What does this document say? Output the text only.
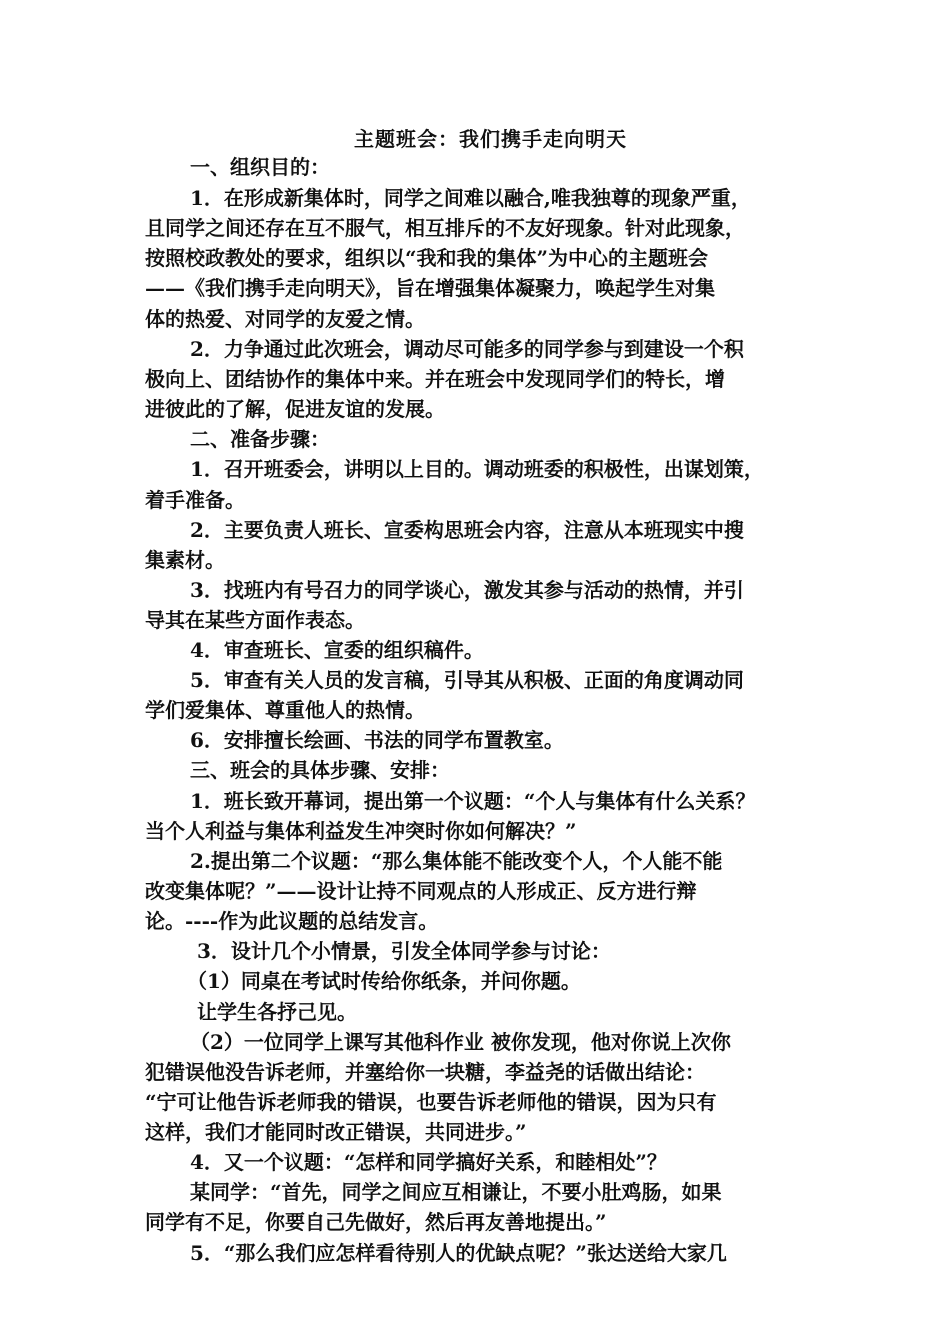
主题班会：我们携手走向明天
一、组织目的：
1．在形成新集体时，同学之间难以融合,唯我独尊的现象严重，
且同学之间还存在互不服气，相互排斥的不友好现象。针对此现象，
按照校政教处的要求，组织以“我和我的集体”为中心的主题班会
——《我们携手走向明天》，旨在增强集体凝聚力，唤起学生对集
体的热爱、对同学的友爱之情。
2．力争通过此次班会，调动尽可能多的同学参与到建设一个积
极向上、团结协作的集体中来。并在班会中发现同学们的特长，增
进彼此的了解，促进友谊的发展。
二、准备步骤：
1．召开班委会，讲明以上目的。调动班委的积极性，出谋划策，
着手准备。
2．主要负责人班长、宣委构思班会内容，注意从本班现实中搜
集素材。
3．找班内有号召力的同学谈心，激发其参与活动的热情，并引
导其在某些方面作表态。
4．审查班长、宣委的组织稿件。
5．审查有关人员的发言稿，引导其从积极、正面的角度调动同
学们爱集体、尊重他人的热情。
6．安排擅长绘画、书法的同学布置教室。
三、班会的具体步骤、安排：
1．班长致开幕词，提出第一个议题：“个人与集体有什么关系？
当个人利益与集体利益发生冲突时你如何解决？”
2.提出第二个议题：“那么集体能不能改变个人，个人能不能
改变集体呢？”——设计让持不同观点的人形成正、反方进行辩
论。----作为此议题的总结发言。
3．设计几个小情景，引发全体同学参与讨论：
（1）同桌在考试时传给你纸条，并问你题。
让学生各抒己见。
（2）一位同学上课写其他科作业 被你发现，他对你说上次你
犯错误他没告诉老师，并塞给你一块糖，李益尧的话做出结论：
“宁可让他告诉老师我的错误，也要告诉老师他的错误，因为只有
这样，我们才能同时改正错误，共同进步。”
4．又一个议题：“怎样和同学搞好关系，和睦相处”？
某同学：“首先，同学之间应互相谦让，不要小肚鸡肠，如果
同学有不足，你要自己先做好，然后再友善地提出。”
5．“那么我们应怎样看待别人的优缺点呢？”张达送给大家几
